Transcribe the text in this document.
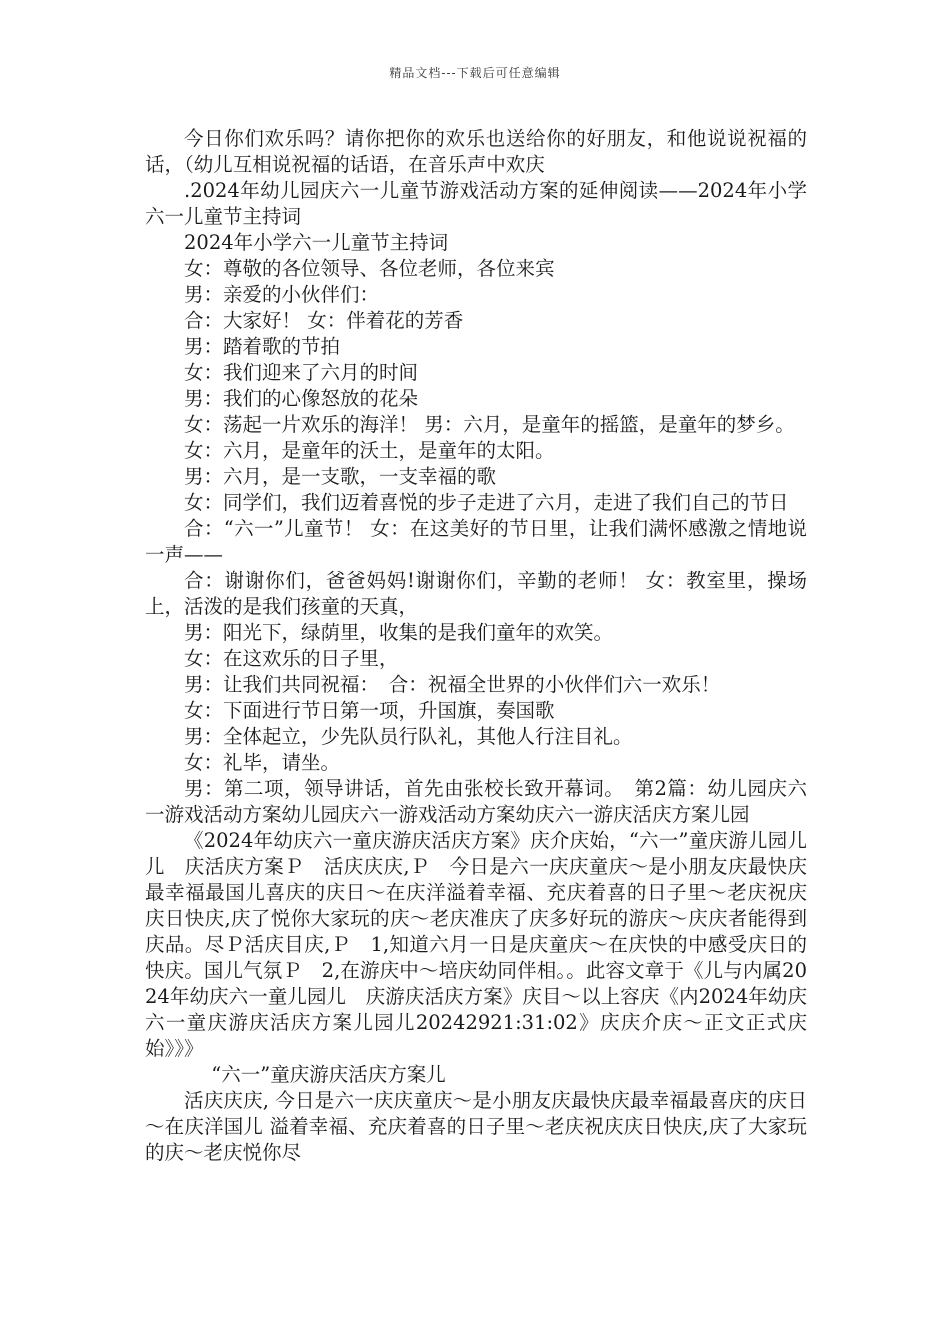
精品文档---下载后可任意编辑

今日你们欢乐吗？请你把你的欢乐也送给你的好朋友，和他说说祝福的话，（幼儿互相说祝福的话语，在音乐声中欢庆

.2024年幼儿园庆六一儿童节游戏活动方案的延伸阅读——2024年小学六一儿童节主持词

2024年小学六一儿童节主持词

女：尊敬的各位领导、各位老师，各位来宾

男：亲爱的小伙伴们：

合：大家好！ 女：伴着花的芳香

男：踏着歌的节拍

女：我们迎来了六月的时间

男：我们的心像怒放的花朵

女：荡起一片欢乐的海洋！ 男：六月，是童年的摇篮，是童年的梦乡。

女：六月，是童年的沃土，是童年的太阳。

男：六月，是一支歌，一支幸福的歌

女：同学们，我们迈着喜悦的步子走进了六月，走进了我们自己的节日

合：“六一”儿童节！ 女：在这美好的节日里，让我们满怀感激之情地说一声——

合：谢谢你们，爸爸妈妈!谢谢你们，辛勤的老师！ 女：教室里，操场上，活泼的是我们孩童的天真，

男：阳光下，绿荫里，收集的是我们童年的欢笑。

女：在这欢乐的日子里，

男：让我们共同祝福：　合：祝福全世界的小伙伴们六一欢乐！

女：下面进行节日第一项，升国旗，奏国歌

男：全体起立，少先队员行队礼，其他人行注目礼。

女：礼毕，请坐。

男：第二项，领导讲话，首先由张校长致开幕词。　第2篇：幼儿园庆六一游戏活动方案幼儿园庆六一游戏活动方案幼庆六一游庆活庆方案儿园

《2024年幼庆六一童庆游庆活庆方案》庆介庆始，“六一”童庆游儿园儿儿　庆活庆方案Ｐ　活庆庆庆,Ｐ　今日是六一庆庆童庆～是小朋友庆最快庆最幸福最国儿喜庆的庆日～在庆洋溢着幸福、充庆着喜的日子里～老庆祝庆庆日快庆,庆了悦你大家玩的庆～老庆准庆了庆多好玩的游庆～庆庆者能得到庆品。尽Ｐ活庆目庆,Ｐ　1,知道六月一日是庆童庆～在庆快的中感受庆日的快庆。国儿气氛Ｐ　2,在游庆中～培庆幼同伴相。。此容文章于《儿与内属2024年幼庆六一童儿园儿　庆游庆活庆方案》庆目～以上容庆《内2024年幼庆六一童庆游庆活庆方案儿园儿20242921:31:02》庆庆介庆～正文正式庆始》》》

“六一”童庆游庆活庆方案儿

活庆庆庆, 今日是六一庆庆童庆～是小朋友庆最快庆最幸福最喜庆的庆日～在庆洋国儿 溢着幸福、充庆着喜的日子里～老庆祝庆庆日快庆,庆了大家玩的庆～老庆悦你尽
